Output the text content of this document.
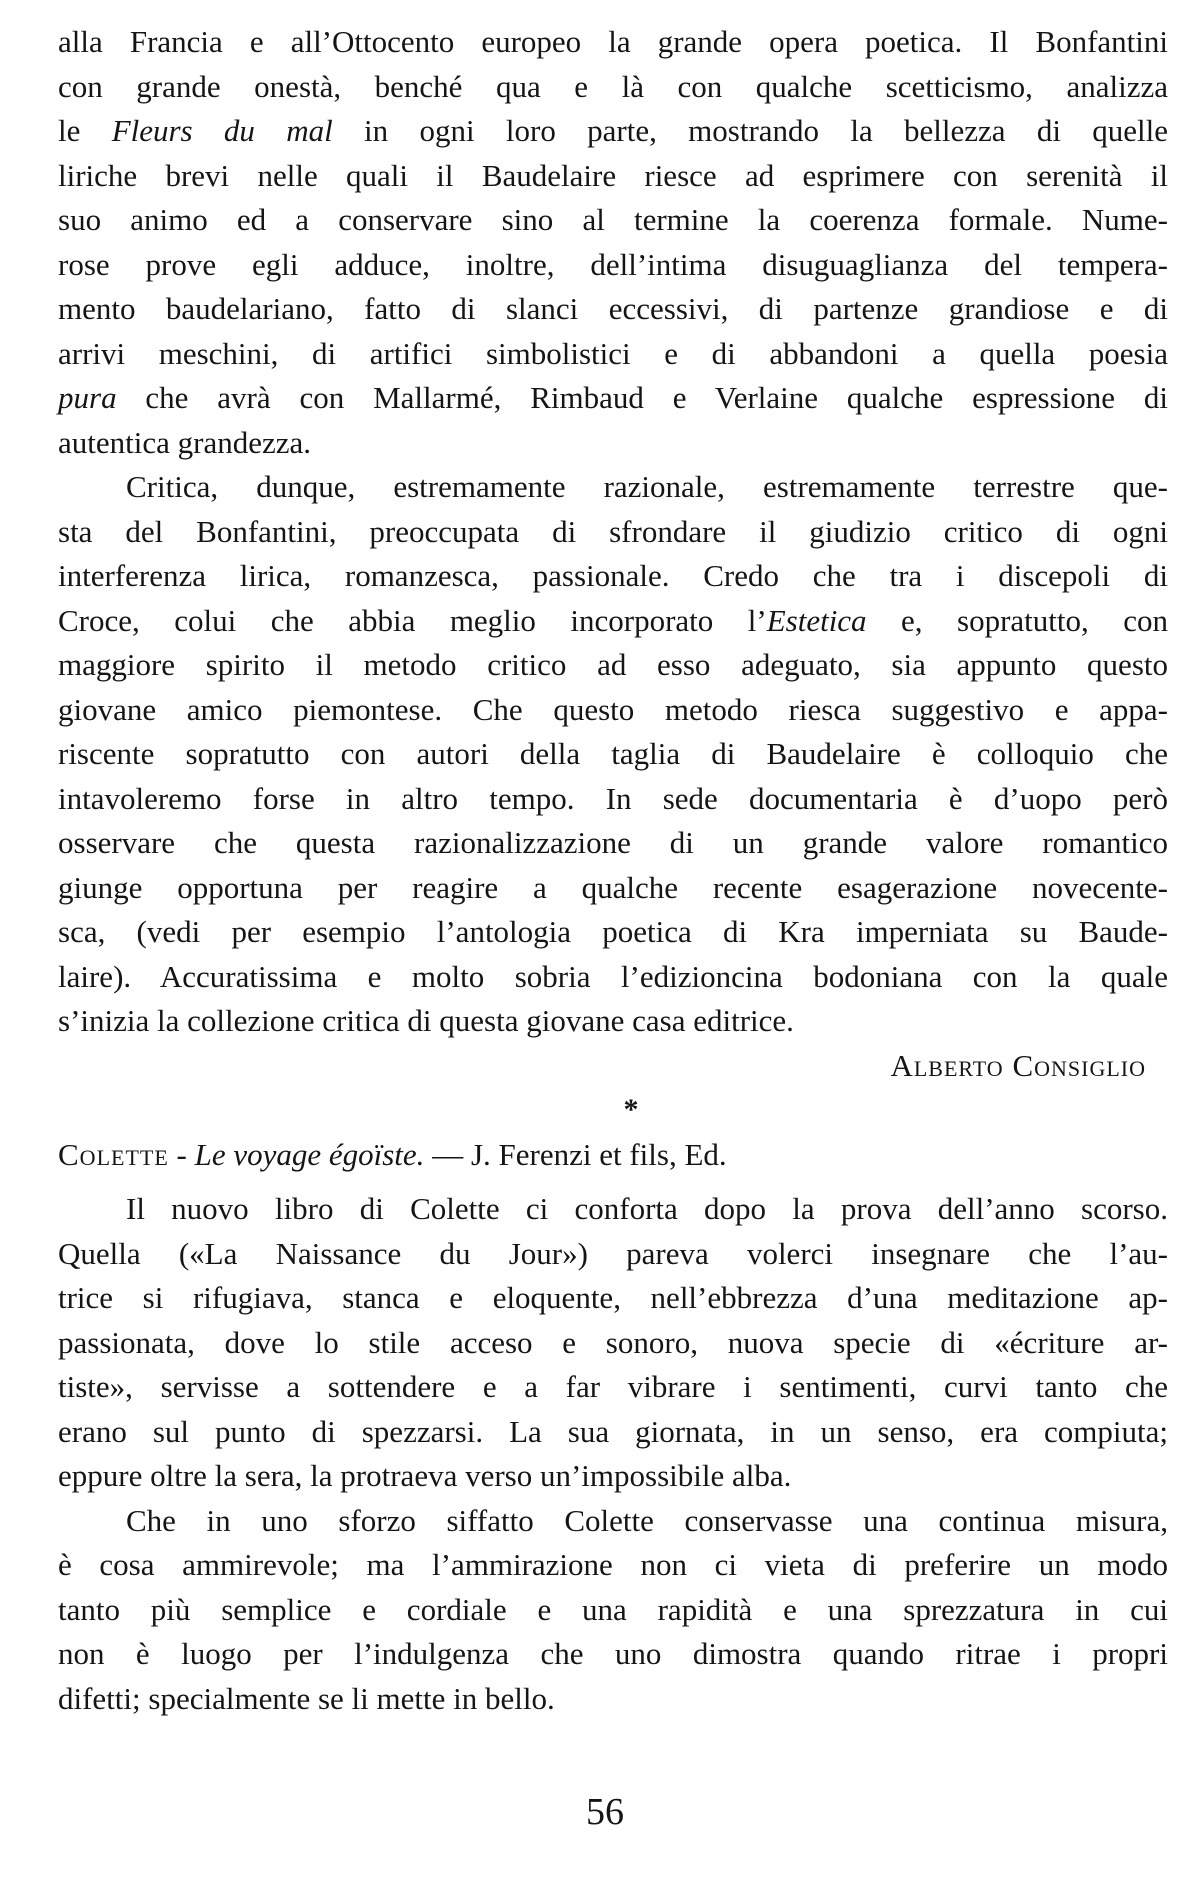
alla Francia e all’Ottocento europeo la grande opera poetica. Il Bonfantini
con grande onestà, benché qua e là con qualche scetticismo, analizza
le Fleurs du mal in ogni loro parte, mostrando la bellezza di quelle
liriche brevi nelle quali il Baudelaire riesce ad esprimere con serenità il
suo animo ed a conservare sino al termine la coerenza formale. Nume-
rose prove egli adduce, inoltre, dell’intima disuguaglianza del tempera-
mento baudelariano, fatto di slanci eccessivi, di partenze grandiose e di
arrivi meschini, di artifici simbolistici e di abbandoni a quella poesia
pura che avrà con Mallarmé, Rimbaud e Verlaine qualche espressione di
autentica grandezza.
Critica, dunque, estremamente razionale, estremamente terrestre que-
sta del Bonfantini, preoccupata di sfrondare il giudizio critico di ogni
interferenza lirica, romanzesca, passionale. Credo che tra i discepoli di
Croce, colui che abbia meglio incorporato l’Estetica e, sopratutto, con
maggiore spirito il metodo critico ad esso adeguato, sia appunto questo
giovane amico piemontese. Che questo metodo riesca suggestivo e appa-
riscente sopratutto con autori della taglia di Baudelaire è colloquio che
intavoleremo forse in altro tempo. In sede documentaria è d’uopo però
osservare che questa razionalizzazione di un grande valore romantico
giunge opportuna per reagire a qualche recente esagerazione novecente-
sca, (vedi per esempio l’antologia poetica di Kra imperniata su Baude-
laire). Accuratissima e molto sobria l’edizioncina bodoniana con la quale
s’inizia la collezione critica di questa giovane casa editrice.
Alberto Consiglio
*
Colette - Le voyage égoïste. — J. Ferenzi et fils, Ed.
Il nuovo libro di Colette ci conforta dopo la prova dell’anno scorso.
Quella («La Naissance du Jour») pareva volerci insegnare che l’au-
trice si rifugiava, stanca e eloquente, nell’ebbrezza d’una meditazione ap-
passionata, dove lo stile acceso e sonoro, nuova specie di «écriture ar-
tiste», servisse a sottendere e a far vibrare i sentimenti, curvi tanto che
erano sul punto di spezzarsi. La sua giornata, in un senso, era compiuta;
eppure oltre la sera, la protraeva verso un’impossibile alba.
Che in uno sforzo siffatto Colette conservasse una continua misura,
è cosa ammirevole; ma l’ammirazione non ci vieta di preferire un modo
tanto più semplice e cordiale e una rapidità e una sprezzatura in cui
non è luogo per l’indulgenza che uno dimostra quando ritrae i propri
difetti; specialmente se li mette in bello.
56
